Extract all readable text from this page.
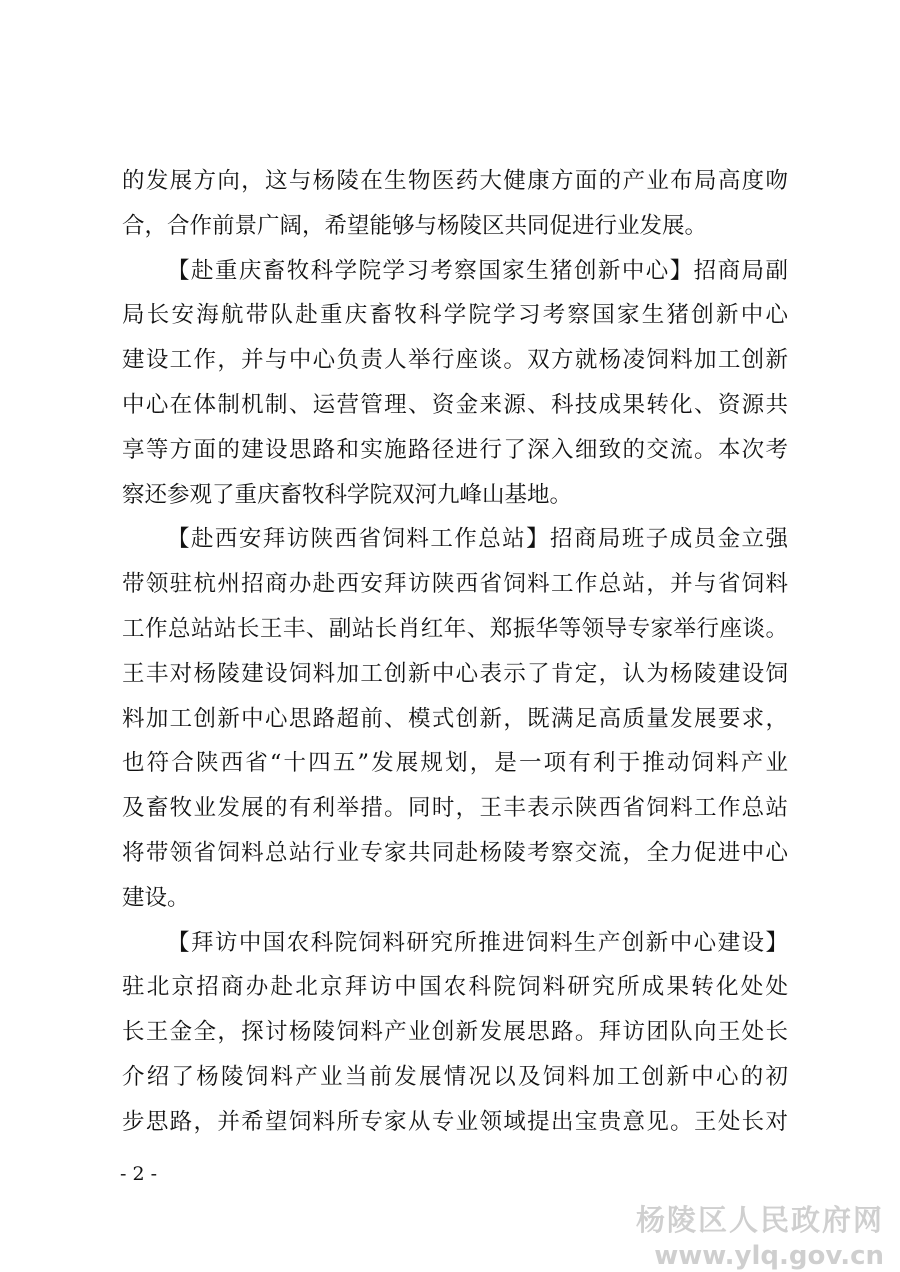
的发展方向，这与杨陵在生物医药大健康方面的产业布局高度吻
合，合作前景广阔，希望能够与杨陵区共同促进行业发展。
【赴重庆畜牧科学院学习考察国家生猪创新中心】招商局副
局长安海航带队赴重庆畜牧科学院学习考察国家生猪创新中心
建设工作，并与中心负责人举行座谈。双方就杨凌饲料加工创新
中心在体制机制、运营管理、资金来源、科技成果转化、资源共
享等方面的建设思路和实施路径进行了深入细致的交流。本次考
察还参观了重庆畜牧科学院双河九峰山基地。
【赴西安拜访陕西省饲料工作总站】招商局班子成员金立强
带领驻杭州招商办赴西安拜访陕西省饲料工作总站，并与省饲料
工作总站站长王丰、副站长肖红年、郑振华等领导专家举行座谈。
王丰对杨陵建设饲料加工创新中心表示了肯定，认为杨陵建设饲
料加工创新中心思路超前、模式创新，既满足高质量发展要求，
也符合陕西省“十四五”发展规划，是一项有利于推动饲料产业
及畜牧业发展的有利举措。同时，王丰表示陕西省饲料工作总站
将带领省饲料总站行业专家共同赴杨陵考察交流，全力促进中心
建设。
【拜访中国农科院饲料研究所推进饲料生产创新中心建设】
驻北京招商办赴北京拜访中国农科院饲料研究所成果转化处处
长王金全，探讨杨陵饲料产业创新发展思路。拜访团队向王处长
介绍了杨陵饲料产业当前发展情况以及饲料加工创新中心的初
步思路，并希望饲料所专家从专业领域提出宝贵意见。王处长对
- 2 -
杨陵区人民政府网
www.ylq.gov.cn
